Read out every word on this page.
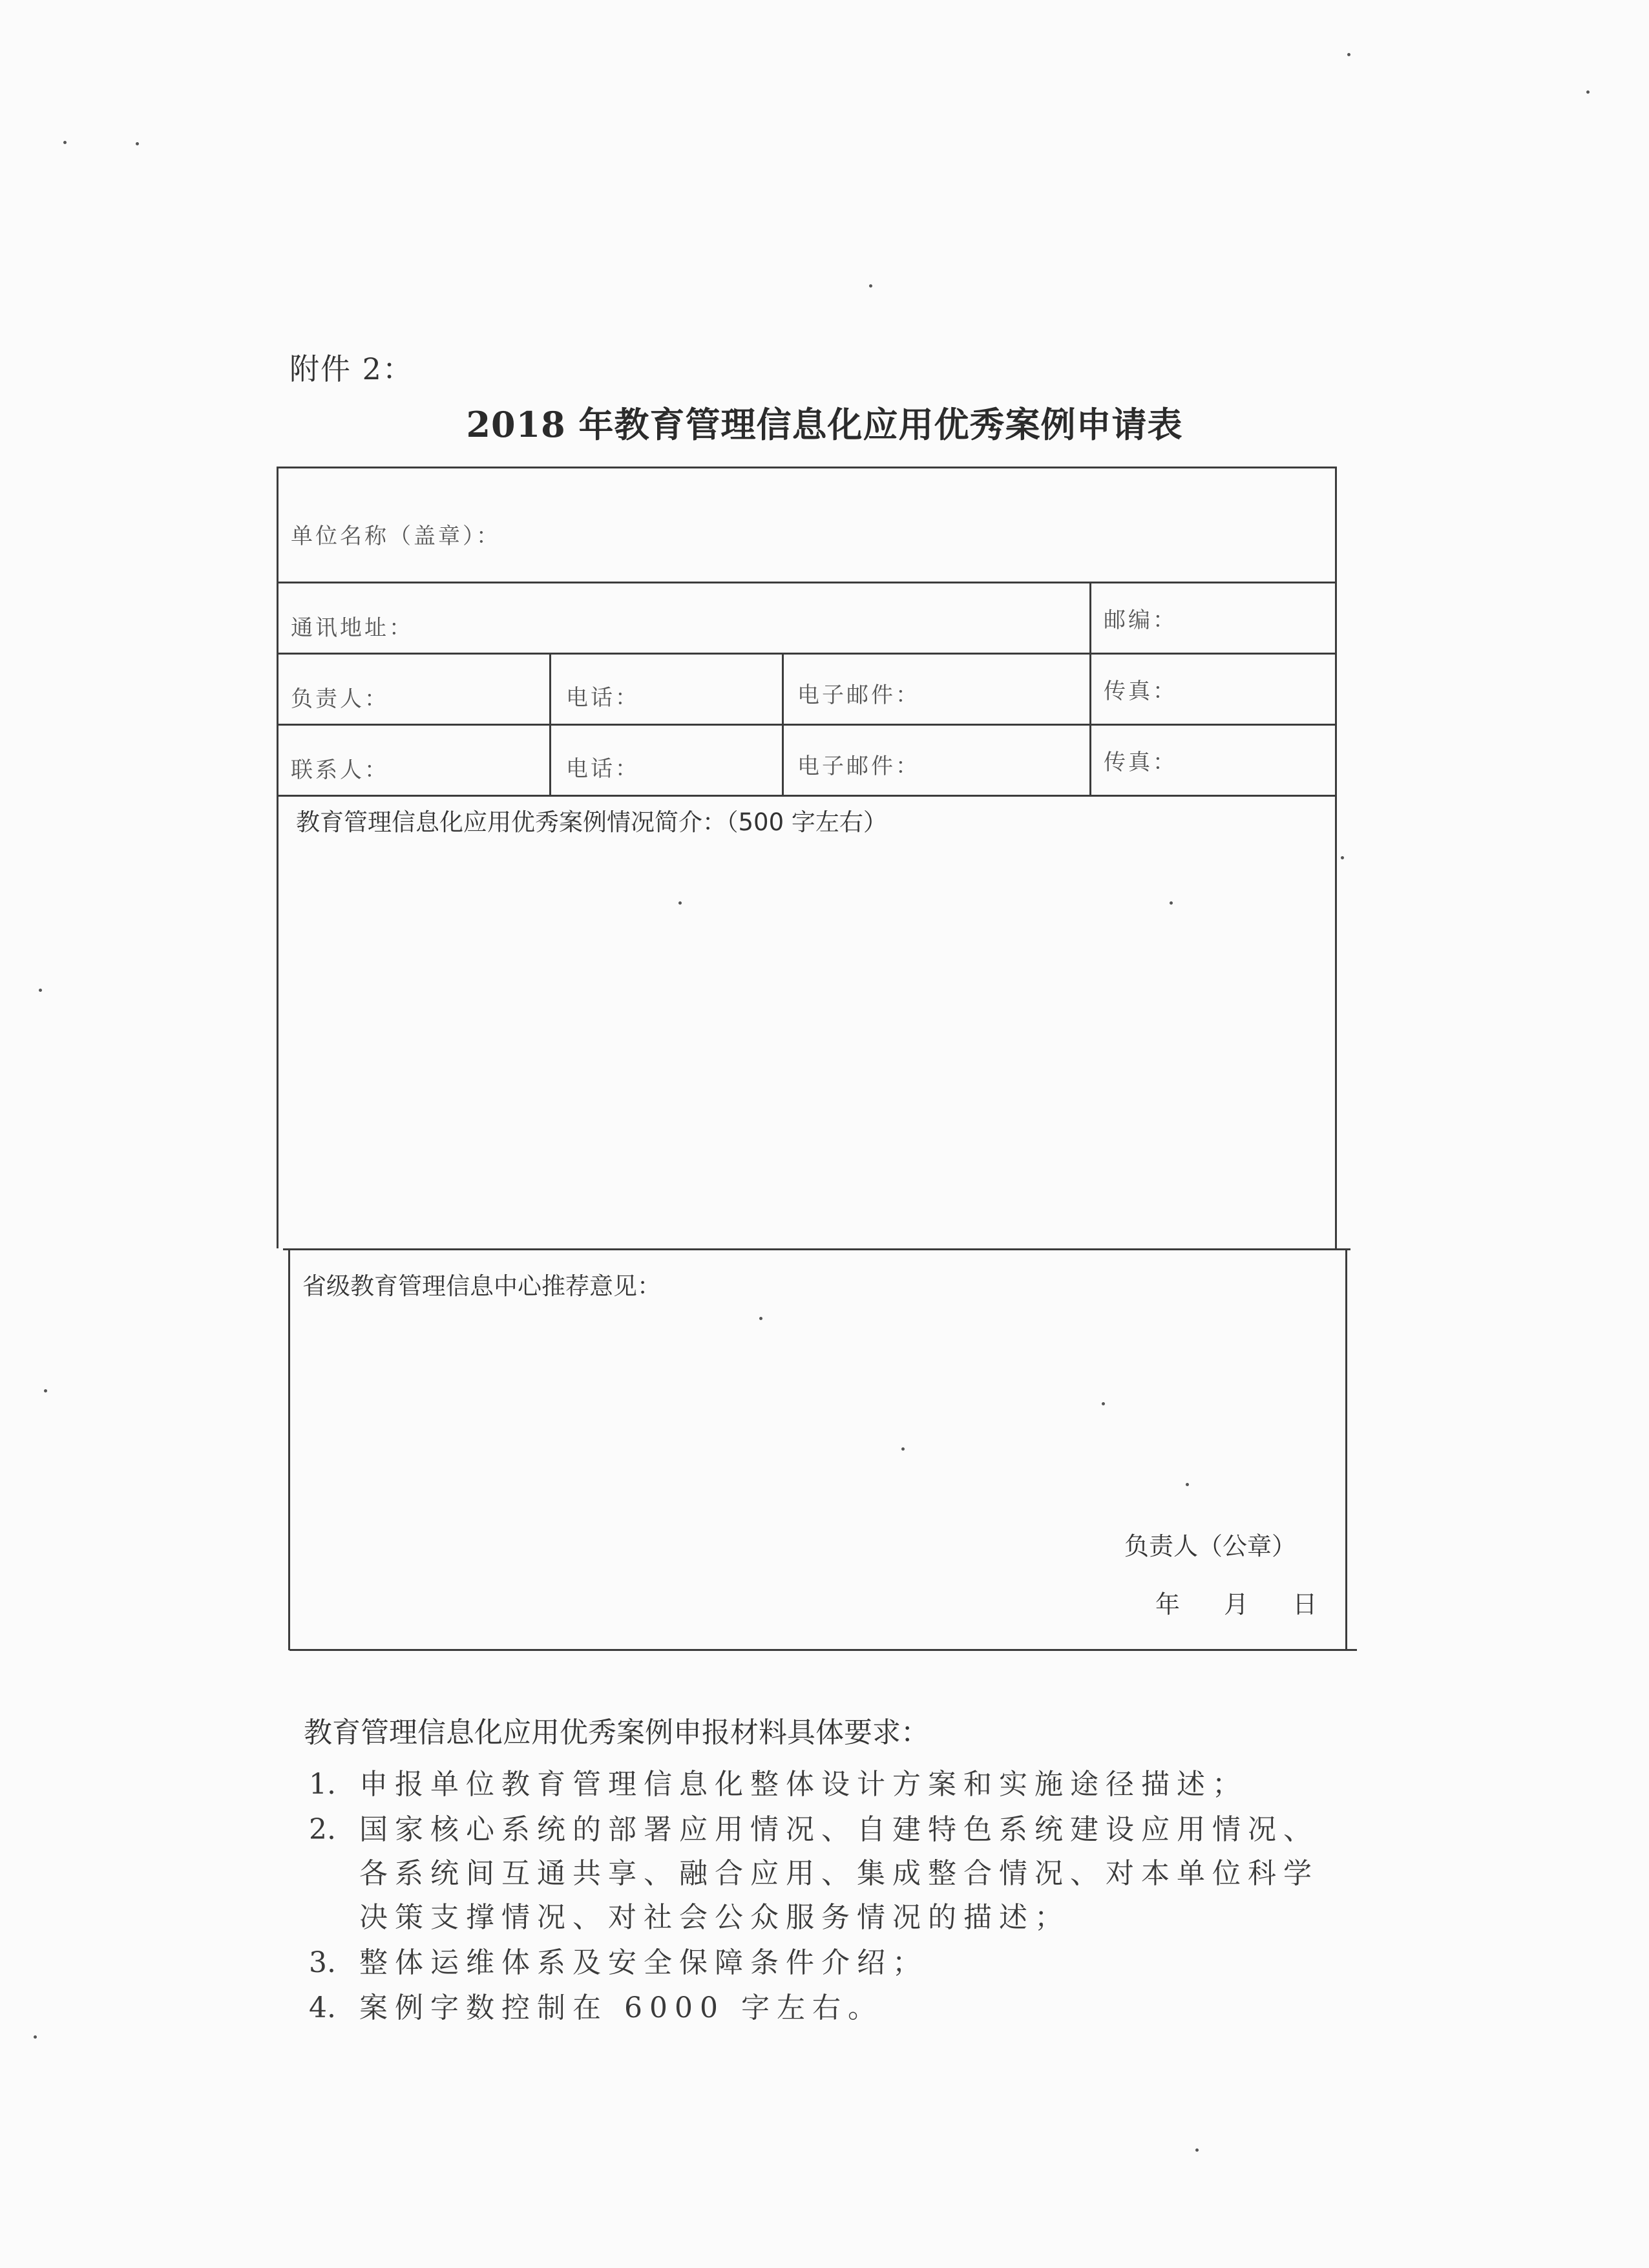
附件 2：
2018 年教育管理信息化应用优秀案例申请表
单位名称（盖章）：
通讯地址：	邮编：
负责人：	电话：	电子邮件：	传真：
联系人：	电话：	电子邮件：	传真：
教育管理信息化应用优秀案例情况简介：（500 字左右）
省级教育管理信息中心推荐意见：
负责人（公章）
年  月  日
教育管理信息化应用优秀案例申报材料具体要求：
1. 申报单位教育管理信息化整体设计方案和实施途径描述；
2. 国家核心系统的部署应用情况、自建特色系统建设应用情况、各系统间互通共享、融合应用、集成整合情况、对本单位科学决策支撑情况、对社会公众服务情况的描述；
3. 整体运维体系及安全保障条件介绍；
4. 案例字数控制在 6000 字左右。
